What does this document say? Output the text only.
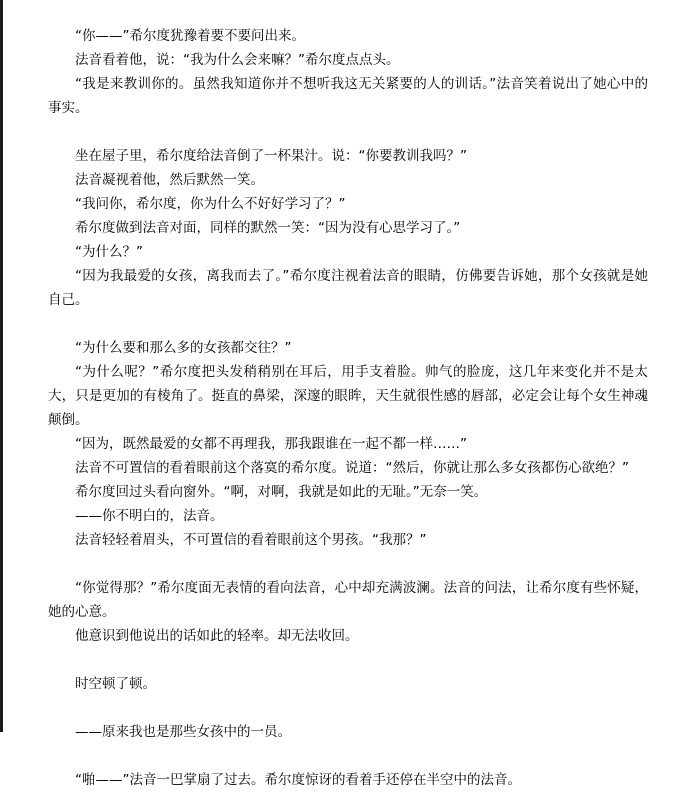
“你——”希尔度犹豫着要不要问出来。

法音看着他，说：“我为什么会来嘛？”希尔度点点头。

“我是来教训你的。虽然我知道你并不想听我这无关紧要的人的训话。”法音笑着说出了她心中的事实。

坐在屋子里，希尔度给法音倒了一杯果汁。说：“你要教训我吗？”

法音凝视着他，然后默然一笑。

“我问你，希尔度，你为什么不好好学习了？”

希尔度做到法音对面，同样的默然一笑：“因为没有心思学习了。”

“为什么？”

“因为我最爱的女孩，离我而去了。”希尔度注视着法音的眼睛，仿佛要告诉她，那个女孩就是她自己。

“为什么要和那么多的女孩都交往？”

“为什么呢？”希尔度把头发稍稍别在耳后，用手支着脸。帅气的脸庞，这几年来变化并不是太大，只是更加的有棱角了。挺直的鼻梁，深邃的眼眸，天生就很性感的唇部，必定会让每个女生神魂颠倒。

“因为，既然最爱的女都不再理我，那我跟谁在一起不都一样……”

法音不可置信的看着眼前这个落寞的希尔度。说道：“然后，你就让那么多女孩都伤心欲绝？”

希尔度回过头看向窗外。“啊，对啊，我就是如此的无耻。”无奈一笑。

——你不明白的，法音。

法音轻轻着眉头，不可置信的看着眼前这个男孩。“我那？”

“你觉得那？”希尔度面无表情的看向法音，心中却充满波澜。法音的问法，让希尔度有些怀疑，她的心意。

他意识到他说出的话如此的轻率。却无法收回。

时空顿了顿。

——原来我也是那些女孩中的一员。

“啪——”法音一巴掌扇了过去。希尔度惊讶的看着手还停在半空中的法音。
